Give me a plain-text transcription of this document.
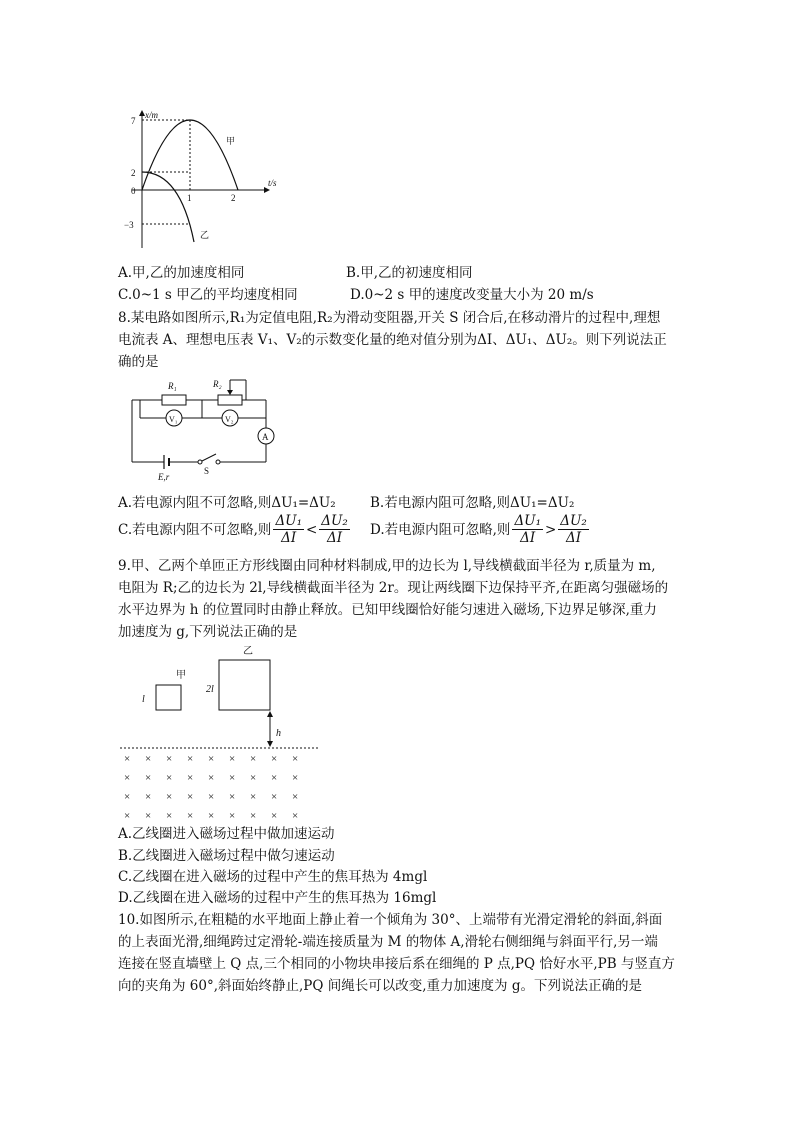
x/m
t/s
7
2
0
−3
1	2
甲
乙
A.甲,乙的加速度相同	B.甲,乙的初速度相同
C.0~1 s 甲乙的平均速度相同	D.0~2 s 甲的速度改变量大小为 20 m/s
8.某电路如图所示,R₁为定值电阻,R₂为滑动变阻器,开关 S 闭合后,在移动滑片的过程中,理想
电流表 A、理想电压表 V₁、V₂的示数变化量的绝对值分别为ΔI、ΔU₁、ΔU₂。则下列说法正
确的是
R₁	R₂
V₁	V₂
A
S
E,r
A.若电源内阻不可忽略,则ΔU₁=ΔU₂	B.若电源内阻可忽略,则ΔU₁=ΔU₂
C.若电源内阻不可忽略,则 $\frac{\text{ΔU₁}}{\Delta I} < \frac{\text{ΔU₂}}{\Delta I} D$.若电源内阻可忽略,则 $\frac{\text{ΔU₁}}{\Delta I} > \frac{\text{ΔU₂}}{\Delta I}$
9.甲、乙两个单匝正方形线圈由同种材料制成,甲的边长为 l,导线横截面半径为 r,质量为 m,
电阻为 R;乙的边长为 2l,导线横截面半径为 2r。现让两线圈下边保持平齐,在距离匀强磁场的
水平边界为 h 的位置同时由静止释放。已知甲线圈恰好能匀速进入磁场,下边界足够深,重力
加速度为 g,下列说法正确的是
乙
甲
l
2l
h
× × × × × × × × ×
× × × × × × × × ×
× × × × × × × × ×
× × × × × × × × ×
A.乙线圈进入磁场过程中做加速运动
B.乙线圈进入磁场过程中做匀速运动
C.乙线圈在进入磁场的过程中产生的焦耳热为 4mgl
D.乙线圈在进入磁场的过程中产生的焦耳热为 16mgl
10.如图所示,在粗糙的水平地面上静止着一个倾角为 30°、上端带有光滑定滑轮的斜面,斜面
的上表面光滑,细绳跨过定滑轮-端连接质量为 M 的物体 A,滑轮右侧细绳与斜面平行,另一端
连接在竖直墙壁上 Q 点,三个相同的小物块串接后系在细绳的 P 点,PQ 恰好水平,PB 与竖直方
向的夹角为 60°,斜面始终静止,PQ 间绳长可以改变,重力加速度为 g。下列说法正确的是
